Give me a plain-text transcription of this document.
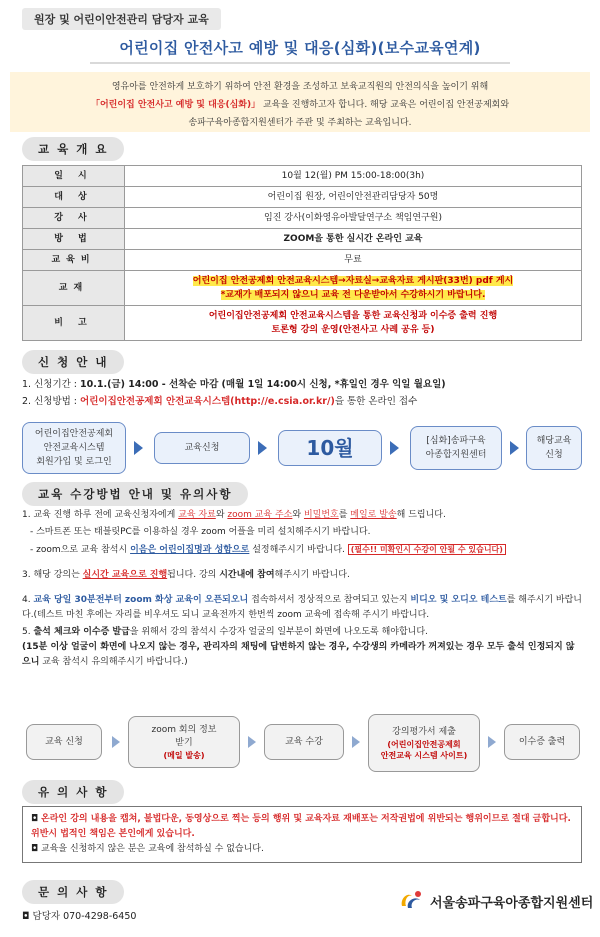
원장 및 어린이안전관리 담당자 교육
어린이집 안전사고 예방 및 대응(심화)(보수교육연계)
영유아를 안전하게 보호하기 위하여 안전 환경을 조성하고 보육교직원의 안전의식을 높이기 위해
「어린이집 안전사고 예방 및 대응(심화)」 교육을 진행하고자 합니다. 해당 교육은 어린이집 안전공제회와
송파구육아종합지원센터가 주관 및 주최하는 교육입니다.
교 육 개 요
일 시	10월 12(월) PM 15:00-18:00(3h)
대 상	어린이집 원장, 어린이안전관리담당자 50명
강 사	임진 강사(이화영유아발달연구소 책임연구원)
방 법	ZOOM을 통한 실시간 온라인 교육
교육비	무료
교재	어린이집 안전공제회 안전교육시스템→자료실→교육자료 게시판(33번) pdf 게시
*교재가 배포되지 않으니 교육 전 다운받아서 수강하시기 바랍니다.
비 고	어린이집안전공제회 안전교육시스템을 통한 교육신청과 이수증 출력 진행
토론형 강의 운영(안전사고 사례 공유 등)
신 청 안 내
1. 신청기간 : 10.1.(금) 14:00 - 선착순 마감 (매월 1일 14:00시 신청, *휴일인 경우 익일 월요일)
2. 신청방법 : 어린이집안전공제회 안전교육시스템(http://e.csia.or.kr/)을 통한 온라인 접수
어린이집안전공제회
안전교육시스템
회원가입 및 로그인
교육신청	10월	[심화]송파구육
아종합지원센터
해당교육
신청
교육 수강방법 안내 및 유의사항

1. 교육 진행 하루 전에 교육신청자에게 교육 자료와 zoom 교육 주소와 비밀번호를 메일로 발송해 드립니다.

- 스마트폰 또는 태블릿PC를 이용하실 경우 zoom 어플을 미리 설치해주시기 바랍니다.

- zoom으로 교육 참석시 이음은 어린이집명과 성함으로 설정해주시기 바랍니다. (필수!! 미확인시 수강이 안될 수 있습니다)

3. 해당 강의는 실시간 교육으로 진행됩니다. 강의 시간내에 참여해주시기 바랍니다.

4. 교육 당일 30분전부터 zoom 화상 교육이 오픈되오니 접속하셔서 정상적으로 참여되고 있는지 비디오 및 오디오 테스트를 해주시기 바랍니다.(테스트 마친 후에는 자리를 비우셔도 되니 교육전까지 한번씩 zoom 교육에 접속해 주시기 바랍니다.

5. 출석 체크와 이수증 발급을 위해서 강의 참석시 수강자 얼굴의 일부분이 화면에 나오도록 해야합니다.
(15분 이상 얼굴이 화면에 나오지 않는 경우, 관리자의 채팅에 답변하지 않는 경우, 수강생의 카메라가 꺼져있는 경우 모두 출석 인정되지 않으니 교육 참석시 유의해주시기 바랍니다.)

교육 신청
zoom 회의 정보
받기
(메일 발송)
교육 수강
강의평가서 제출
(어린이집안전공제회
안전교육 시스템 사이트)
이수증 출력
유 의 사 항
◘ 온라인 강의 내용을 캡쳐, 불법다운, 동영상으로 찍는 등의 행위 및 교육자료 재배포는 저작권법에 위반되는 행위이므로 절대 금합니다. 위반시 법적인 책임은 본인에게 있습니다.
◘ 교육을 신청하지 않은 분은 교육에 참석하실 수 없습니다.
문 의 사 항
◘ 담당자 070-4298-6450
서울송파구육아종합지원센터
